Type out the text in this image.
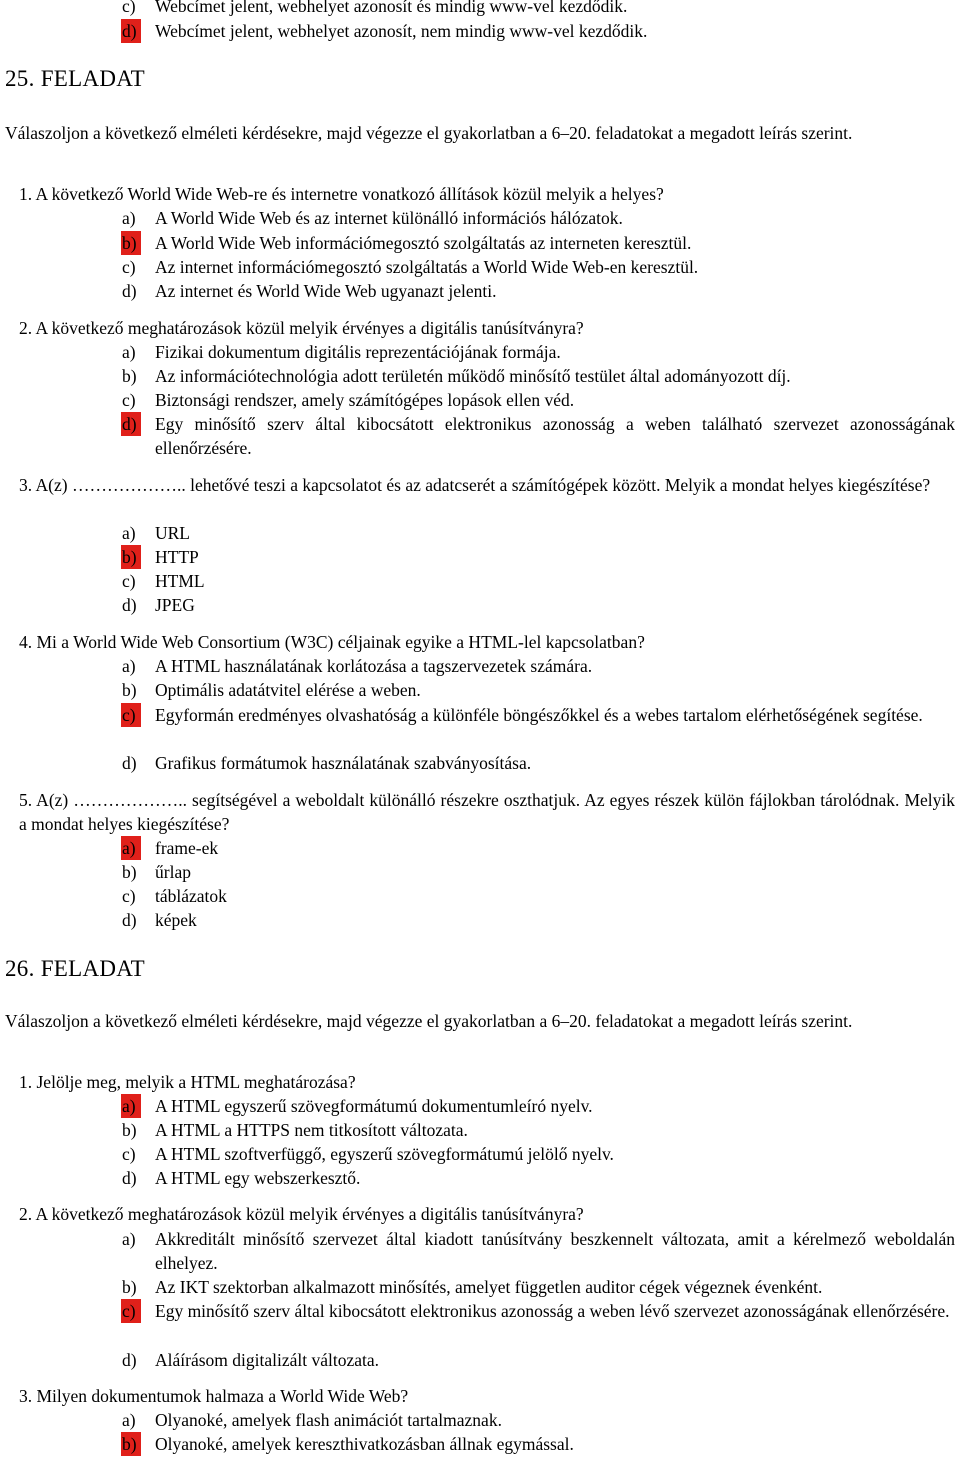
c) Webcímet jelent, webhelyet azonosít és mindig www-vel kezdődik.
d) Webcímet jelent, webhelyet azonosít, nem mindig www-vel kezdődik.
25. FELADAT
Válaszoljon a következő elméleti kérdésekre, majd végezze el gyakorlatban a 6–20. feladatokat a megadott leírás szerint.
1. A következő World Wide Web-re és internetre vonatkozó állítások közül melyik a helyes?
a) A World Wide Web és az internet különálló információs hálózatok.
b) A World Wide Web információmegosztó szolgáltatás az interneten keresztül.
c) Az internet információmegosztó szolgáltatás a World Wide Web-en keresztül.
d) Az internet és World Wide Web ugyanazt jelenti.
2. A következő meghatározások közül melyik érvényes a digitális tanúsítványra?
a) Fizikai dokumentum digitális reprezentációjának formája.
b) Az információtechnológia adott területén működő minősítő testület által adományozott díj.
c) Biztonsági rendszer, amely számítógépes lopások ellen véd.
d) Egy minősítő szerv által kibocsátott elektronikus azonosság a weben található szervezet azonosságának ellenőrzésére.
3. A(z) ……………….. lehetővé teszi a kapcsolatot és az adatcserét a számítógépek között. Melyik a mondat helyes kiegészítése?
a) URL
b) HTTP
c) HTML
d) JPEG
4. Mi a World Wide Web Consortium (W3C) céljainak egyike a HTML-lel kapcsolatban?
a) A HTML használatának korlátozása a tagszervezetek számára.
b) Optimális adatátvitel elérése a weben.
c) Egyformán eredményes olvashatóság a különféle böngészőkkel és a webes tartalom elérhetőségének segítése.
d) Grafikus formátumok használatának szabványosítása.
5. A(z) ……………….. segítségével a weboldalt különálló részekre oszthatjuk. Az egyes részek külön fájlokban tárolódnak. Melyik a mondat helyes kiegészítése?
a) frame-ek
b) űrlap
c) táblázatok
d) képek
26. FELADAT
Válaszoljon a következő elméleti kérdésekre, majd végezze el gyakorlatban a 6–20. feladatokat a megadott leírás szerint.
1. Jelölje meg, melyik a HTML meghatározása?
a) A HTML egyszerű szövegformátumú dokumentumleíró nyelv.
b) A HTML a HTTPS nem titkosított változata.
c) A HTML szoftverfüggő, egyszerű szövegformátumú jelölő nyelv.
d) A HTML egy webszerkesztő.
2. A következő meghatározások közül melyik érvényes a digitális tanúsítványra?
a) Akkreditált minősítő szervezet által kiadott tanúsítvány beszkennelt változata, amit a kérelmező weboldalán elhelyez.
b) Az IKT szektorban alkalmazott minősítés, amelyet független auditor cégek végeznek évenként.
c) Egy minősítő szerv által kibocsátott elektronikus azonosság a weben lévő szervezet azonosságának ellenőrzésére.
d) Aláírásom digitalizált változata.
3. Milyen dokumentumok halmaza a World Wide Web?
a) Olyanoké, amelyek flash animációt tartalmaznak.
b) Olyanoké, amelyek kereszthivatkozásban állnak egymással.
